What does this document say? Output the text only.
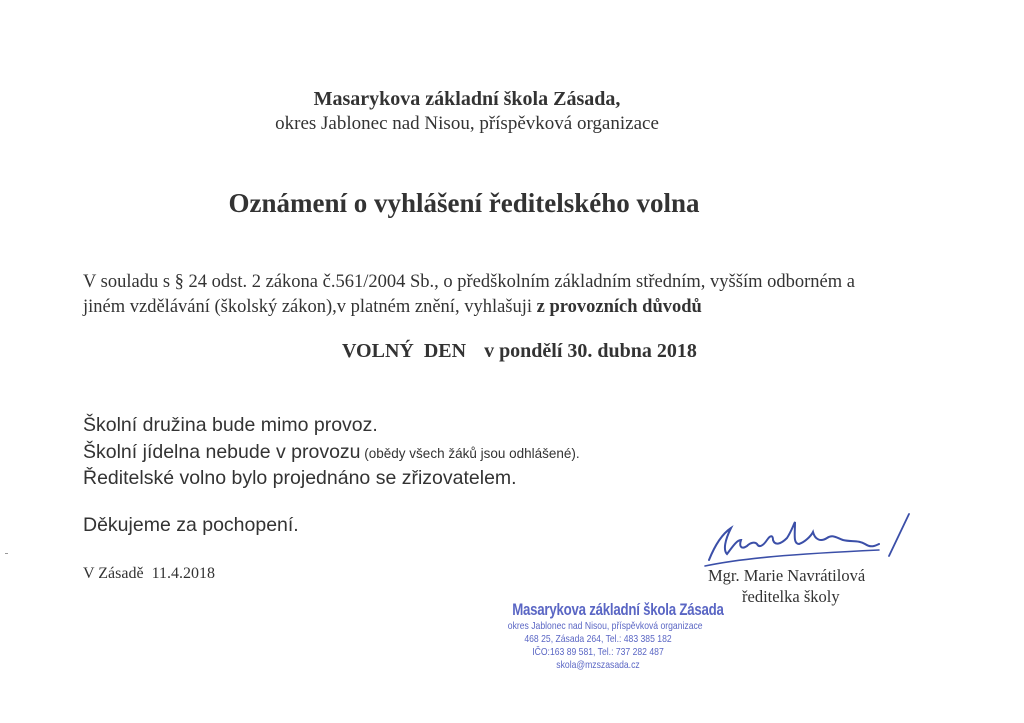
Masarykova základní škola Zásada,
okres Jablonec nad Nisou, příspěvková organizace
Oznámení o vyhlášení ředitelského volna
V souladu s § 24 odst. 2 zákona č.561/2004 Sb., o předškolním základním středním, vyšším odborném a
jiném vzdělávání (školský zákon),v platném znění, vyhlašuji z provozních důvodů
VOLNÝ  DEN v pondělí 30. dubna 2018
Školní družina bude mimo provoz.
Školní jídelna nebude v provozu (obědy všech žáků jsou odhlášené).
Ředitelské volno bylo projednáno se zřizovatelem.
Děkujeme za pochopení.
V Zásadě  11.4.2018	Mgr. Marie Navrátilová
ředitelka školy
Masarykova základní škola Zásada
okres Jablonec nad Nisou, příspěvková organizace
468 25, Zásada 264, Tel.: 483 385 182
IČO:163 89 581, Tel.: 737 282 487
skola@mzszasada.cz
